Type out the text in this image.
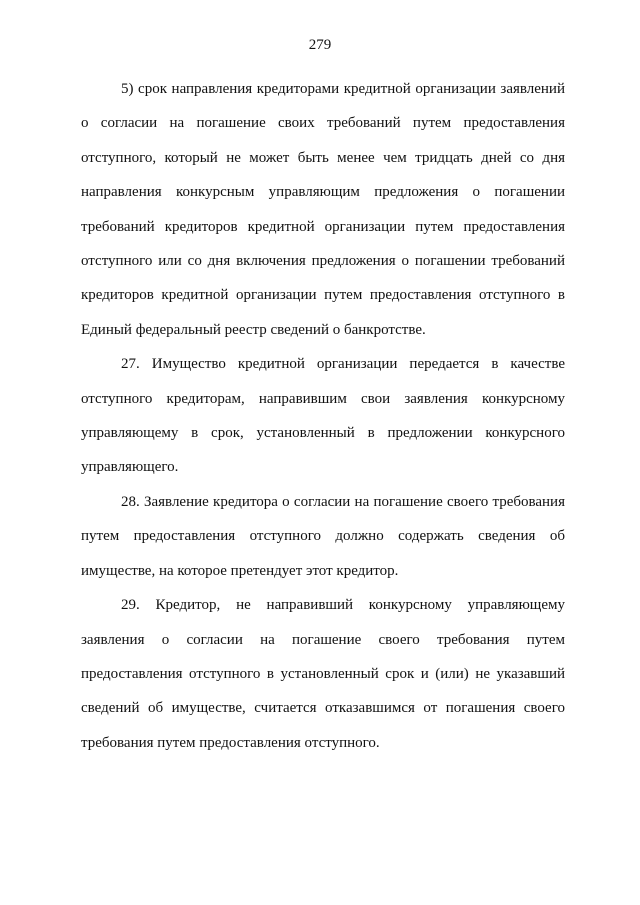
279

5) срок направления кредиторами кредитной организации заявлений о согласии на погашение своих требований путем предоставления отступного, который не может быть менее чем тридцать дней со дня направления конкурсным управляющим предложения о погашении требований кредиторов кредитной организации путем предоставления отступного или со дня включения предложения о погашении требований кредиторов кредитной организации путем предоставления отступного в Единый федеральный реестр сведений о банкротстве.

27. Имущество кредитной организации передается в качестве отступного кредиторам, направившим свои заявления конкурсному управляющему в срок, установленный в предложении конкурсного управляющего.

28. Заявление кредитора о согласии на погашение своего требования путем предоставления отступного должно содержать сведения об имуществе, на которое претендует этот кредитор.

29. Кредитор, не направивший конкурсному управляющему заявления о согласии на погашение своего требования путем предоставления отступного в установленный срок и (или) не указавший сведений об имуществе, считается отказавшимся от погашения своего требования путем предоставления отступного.
